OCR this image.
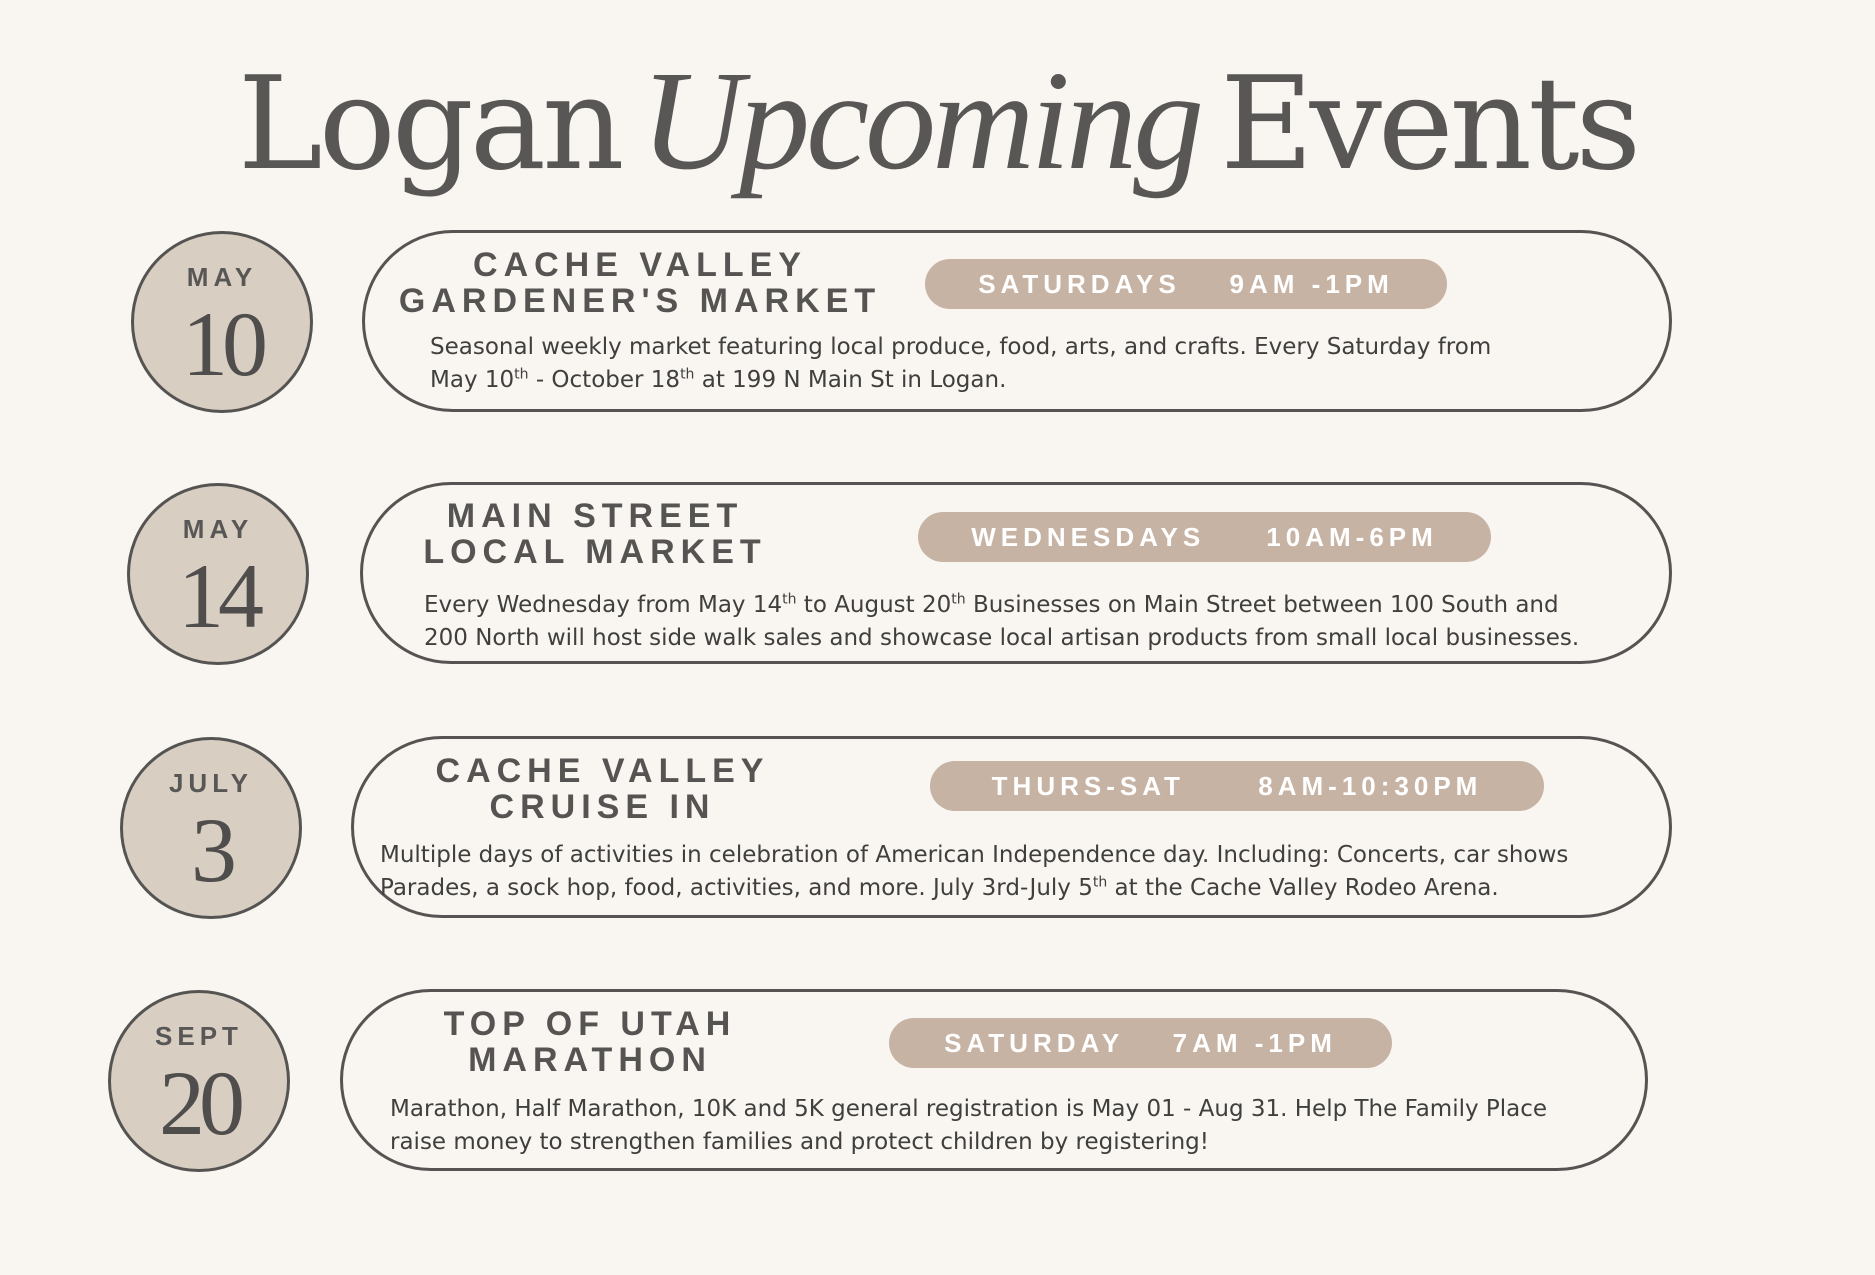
Logan Upcoming Events
MAY
10
CACHE VALLEY
GARDENER'S MARKET	SATURDAYS    9AM -1PM
Seasonal weekly market featuring local produce, food, arts, and crafts. Every Saturday from
May 10th - October 18th at 199 N Main St in Logan.
MAY
14
MAIN STREET
LOCAL MARKET	WEDNESDAYS     10AM-6PM
Every Wednesday from May 14th to August 20th Businesses on Main Street between 100 South and
200 North will host side walk sales and showcase local artisan products from small local businesses.
JULY
3
CACHE VALLEY
CRUISE IN
THURS-SAT      8AM-10:30PM
Multiple days of activities in celebration of American Independence day. Including: Concerts, car shows
Parades, a sock hop, food, activities, and more. July 3rd-July 5th at the Cache Valley Rodeo Arena.
SEPT
20
TOP OF UTAH
MARATHON	SATURDAY    7AM -1PM
Marathon, Half Marathon, 10K and 5K general registration is May 01 - Aug 31. Help The Family Place
raise money to strengthen families and protect children by registering!
